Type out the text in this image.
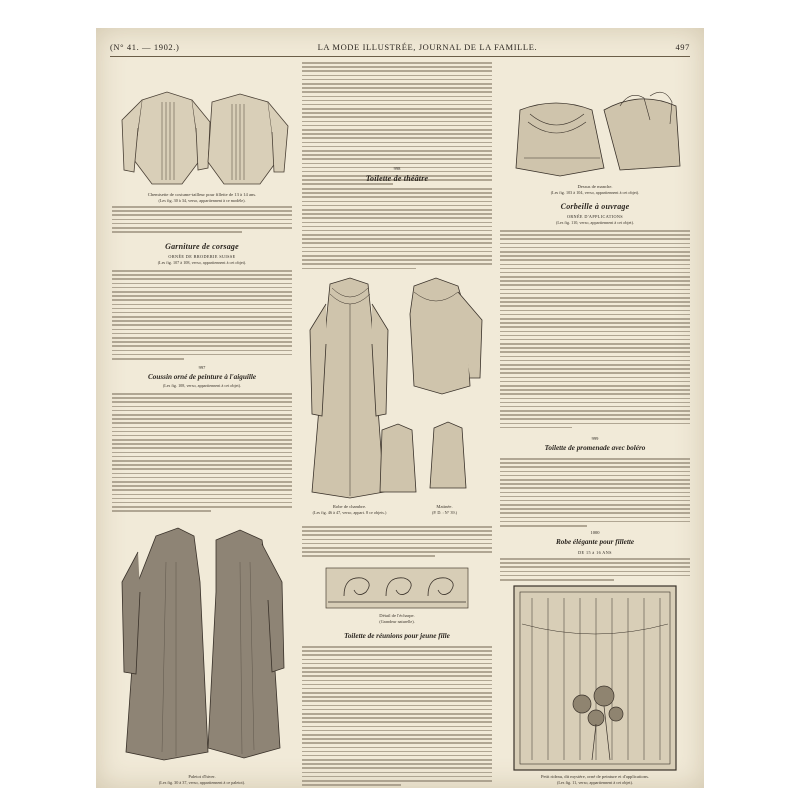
(N° 41. — 1902.)	LA MODE ILLUSTRÉE, JOURNAL DE LA FAMILLE.	497
Chemisette de costume-tailleur pour fillette de 13 à 14 ans.
(Les fig. 30 à 34, verso, appartiennent à ce modèle).
Garniture de corsage
ORNÉE DE BRODERIE SUISSE
(Les fig. 107 à 108, verso, appartiennent à cet objet).
997
Coussin orné de peinture à l'aiguille
(Les fig. 108, verso, appartiennent à cet objet).
Paletot d'hiver.
(Les fig. 30 à 37, verso, appartiennent à ce paletot).
998
Toilette de théâtre
Robe de chambre.
(Les fig. 46 à 47, verso, appart. 8 ce objets.)
Matinée.
(P. D. : N° 39.)
Détail de l'écharpe.
(Grandeur naturelle).
Toilette de réunions pour jeune fille
Dessus de manche.
(Les fig. 103 à 104, verso, appartiennent à cet objet).
Corbeille à ouvrage
ORNÉE D'APPLICATIONS
(Les fig. 110, verso, appartiennent à cet objet).
999
Toilette de promenade avec boléro
1000
Robe élégante pour fillette
DE 15 à 16 ANS
Petit rideau, dit mystère, orné de peinture et d'applications.
(Les fig. 11, verso, appartiennent à cet objet).
